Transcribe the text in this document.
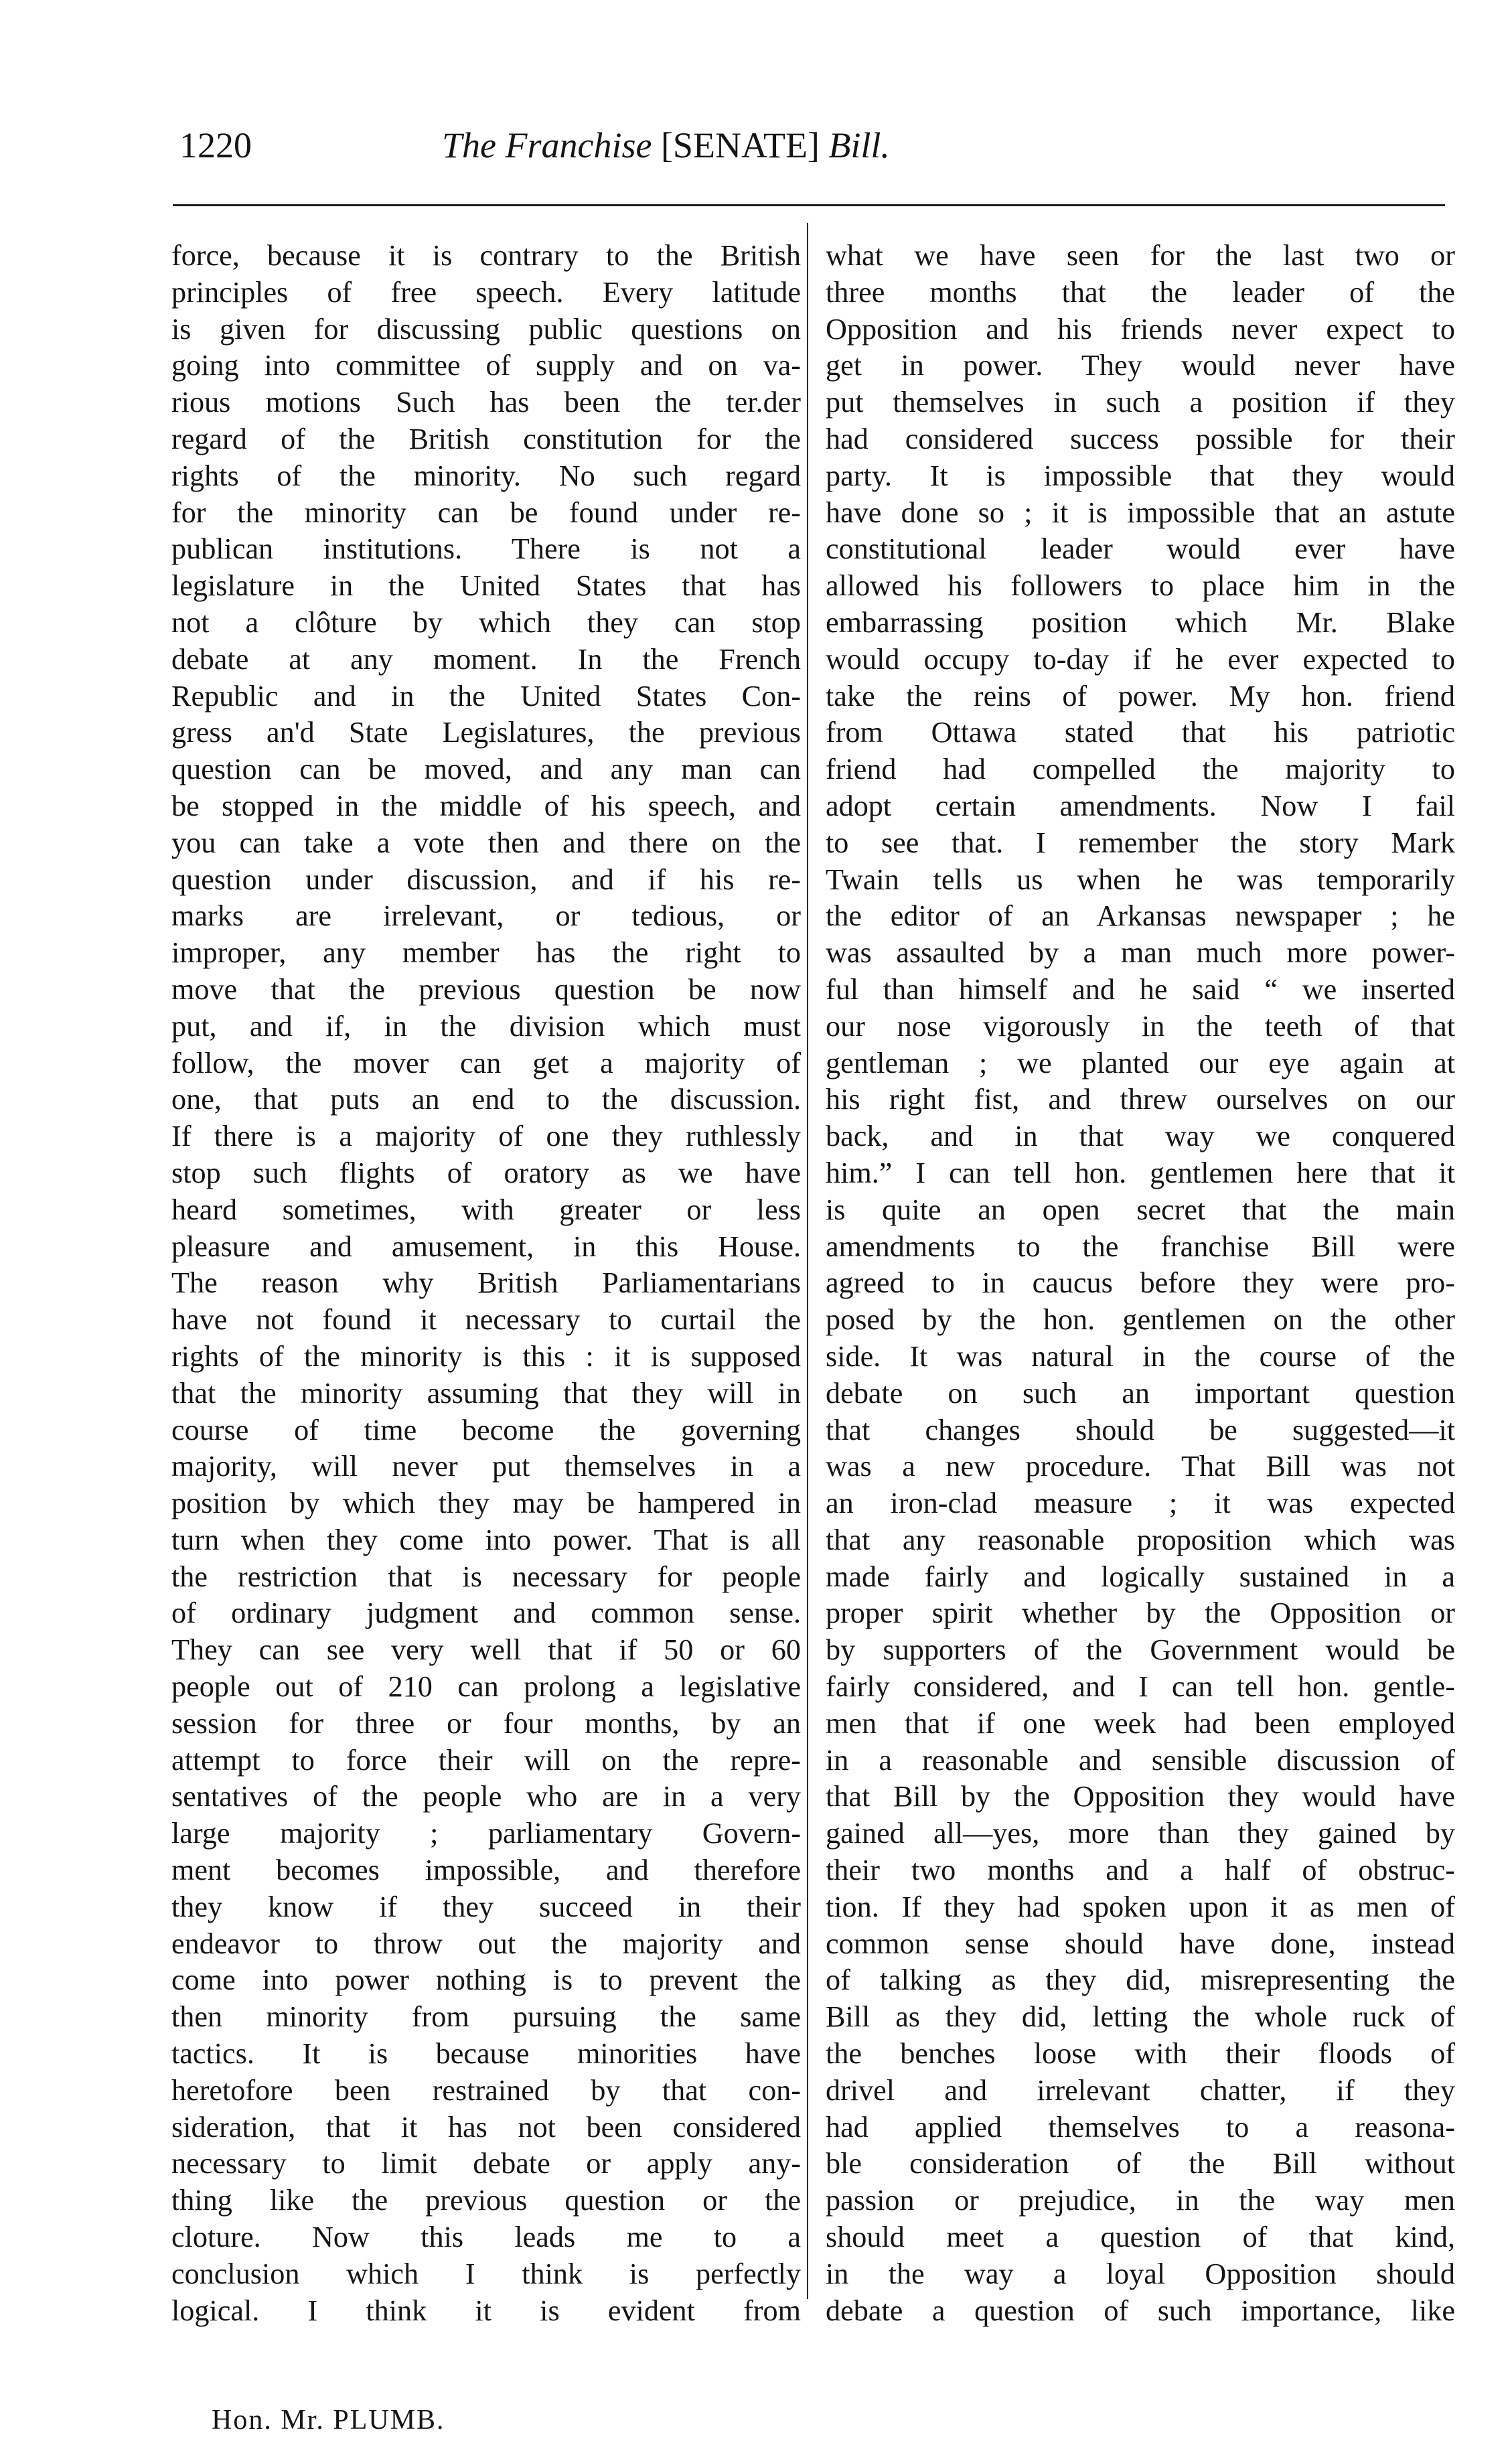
1220	The Franchise [SENATE] Bill.

force, because it is contrary to the British

principles of free speech. Every latitude

is given for discussing public questions on

going into committee of supply and on va-

rious motions Such has been the ter.der

regard of the British constitution for the

rights of the minority. No such regard

for the minority can be found under re-

publican institutions. There is not a

legislature in the United States that has

not a clôture by which they can stop

debate at any moment. In the French

Republic and in the United States Con-

gress an'd State Legislatures, the previous

question can be moved, and any man can

be stopped in the middle of his speech, and

you can take a vote then and there on the

question under discussion, and if his re-

marks are irrelevant, or tedious, or

improper, any member has the right to

move that the previous question be now

put, and if, in the division which must

follow, the mover can get a majority of

one, that puts an end to the discussion.

If there is a majority of one they ruthlessly

stop such flights of oratory as we have

heard sometimes, with greater or less

pleasure and amusement, in this House.

The reason why British Parliamentarians

have not found it necessary to curtail the

rights of the minority is this : it is supposed

that the minority assuming that they will in

course of time become the governing

majority, will never put themselves in a

position by which they may be hampered in

turn when they come into power. That is all

the restriction that is necessary for people

of ordinary judgment and common sense.

They can see very well that if 50 or 60

people out of 210 can prolong a legislative

session for three or four months, by an

attempt to force their will on the repre-

sentatives of the people who are in a very

large majority ; parliamentary Govern-

ment becomes impossible, and therefore

they know if they succeed in their

endeavor to throw out the majority and

come into power nothing is to prevent the

then minority from pursuing the same

tactics. It is because minorities have

heretofore been restrained by that con-

sideration, that it has not been considered

necessary to limit debate or apply any-

thing like the previous question or the

cloture. Now this leads me to a

conclusion which I think is perfectly

logical. I think it is evident from

what we have seen for the last two or

three months that the leader of the

Opposition and his friends never expect to

get in power. They would never have

put themselves in such a position if they

had considered success possible for their

party. It is impossible that they would

have done so ; it is impossible that an astute

constitutional leader would ever have

allowed his followers to place him in the

embarrassing position which Mr. Blake

would occupy to-day if he ever expected to

take the reins of power. My hon. friend

from Ottawa stated that his patriotic

friend had compelled the majority to

adopt certain amendments. Now I fail

to see that. I remember the story Mark

Twain tells us when he was temporarily

the editor of an Arkansas newspaper ; he

was assaulted by a man much more power-

ful than himself and he said “ we inserted

our nose vigorously in the teeth of that

gentleman ; we planted our eye again at

his right fist, and threw ourselves on our

back, and in that way we conquered

him.” I can tell hon. gentlemen here that it

is quite an open secret that the main

amendments to the franchise Bill were

agreed to in caucus before they were pro-

posed by the hon. gentlemen on the other

side. It was natural in the course of the

debate on such an important question

that changes should be suggested—it

was a new procedure. That Bill was not

an iron-clad measure ; it was expected

that any reasonable proposition which was

made fairly and logically sustained in a

proper spirit whether by the Opposition or

by supporters of the Government would be

fairly considered, and I can tell hon. gentle-

men that if one week had been employed

in a reasonable and sensible discussion of

that Bill by the Opposition they would have

gained all—yes, more than they gained by

their two months and a half of obstruc-

tion. If they had spoken upon it as men of

common sense should have done, instead

of talking as they did, misrepresenting the

Bill as they did, letting the whole ruck of

the benches loose with their floods of

drivel and irrelevant chatter, if they

had applied themselves to a reasona-

ble consideration of the Bill without

passion or prejudice, in the way men

should meet a question of that kind,

in the way a loyal Opposition should

debate a question of such importance, like

Hon. Mr. PLUMB.
